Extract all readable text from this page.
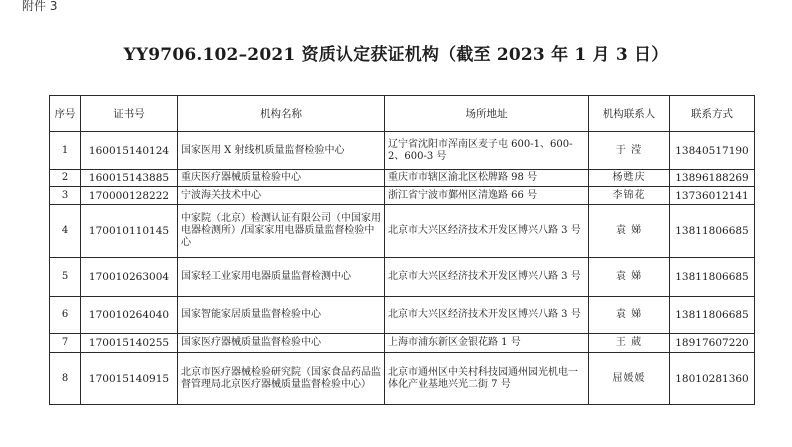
附件 3
YY9706.102–2021 资质认定获证机构（截至 2023 年 1 月 3 日）
序号	证书号	机构名称	场所地址	机构联系人	联系方式
1	160015140124	国家医用 X 射线机质量监督检验中心	辽宁省沈阳市浑南区麦子屯 600-1、600-2、600-3 号	于 滢	13840517190
2	160015143885	重庆医疗器械质量检验中心	重庆市市辖区渝北区松牌路 98 号	杨甦庆	13896188269
3	170000128222	宁波海关技术中心	浙江省宁波市鄞州区清逸路 66 号	李锦花	13736012141
4	170010110145	中家院（北京）检测认证有限公司（中国家用电器检测所）/国家家用电器质量监督检验中心	北京市大兴区经济技术开发区博兴八路 3 号	袁 娣	13811806685
5	170010263004	国家轻工业家用电器质量监督检测中心	北京市大兴区经济技术开发区博兴八路 3 号	袁 娣	13811806685
6	170010264040	国家智能家居质量监督检验中心	北京市大兴区经济技术开发区博兴八路 3 号	袁 娣	13811806685
7	170015140255	国家医疗器械质量监督检验中心	上海市浦东新区金银花路 1 号	王 葳	18917607220
8	170015140915	北京市医疗器械检验研究院（国家食品药品监督管理局北京医疗器械质量监督检验中心）	北京市通州区中关村科技园通州园光机电一体化产业基地兴光二街 7 号	屈媛媛	18010281360
